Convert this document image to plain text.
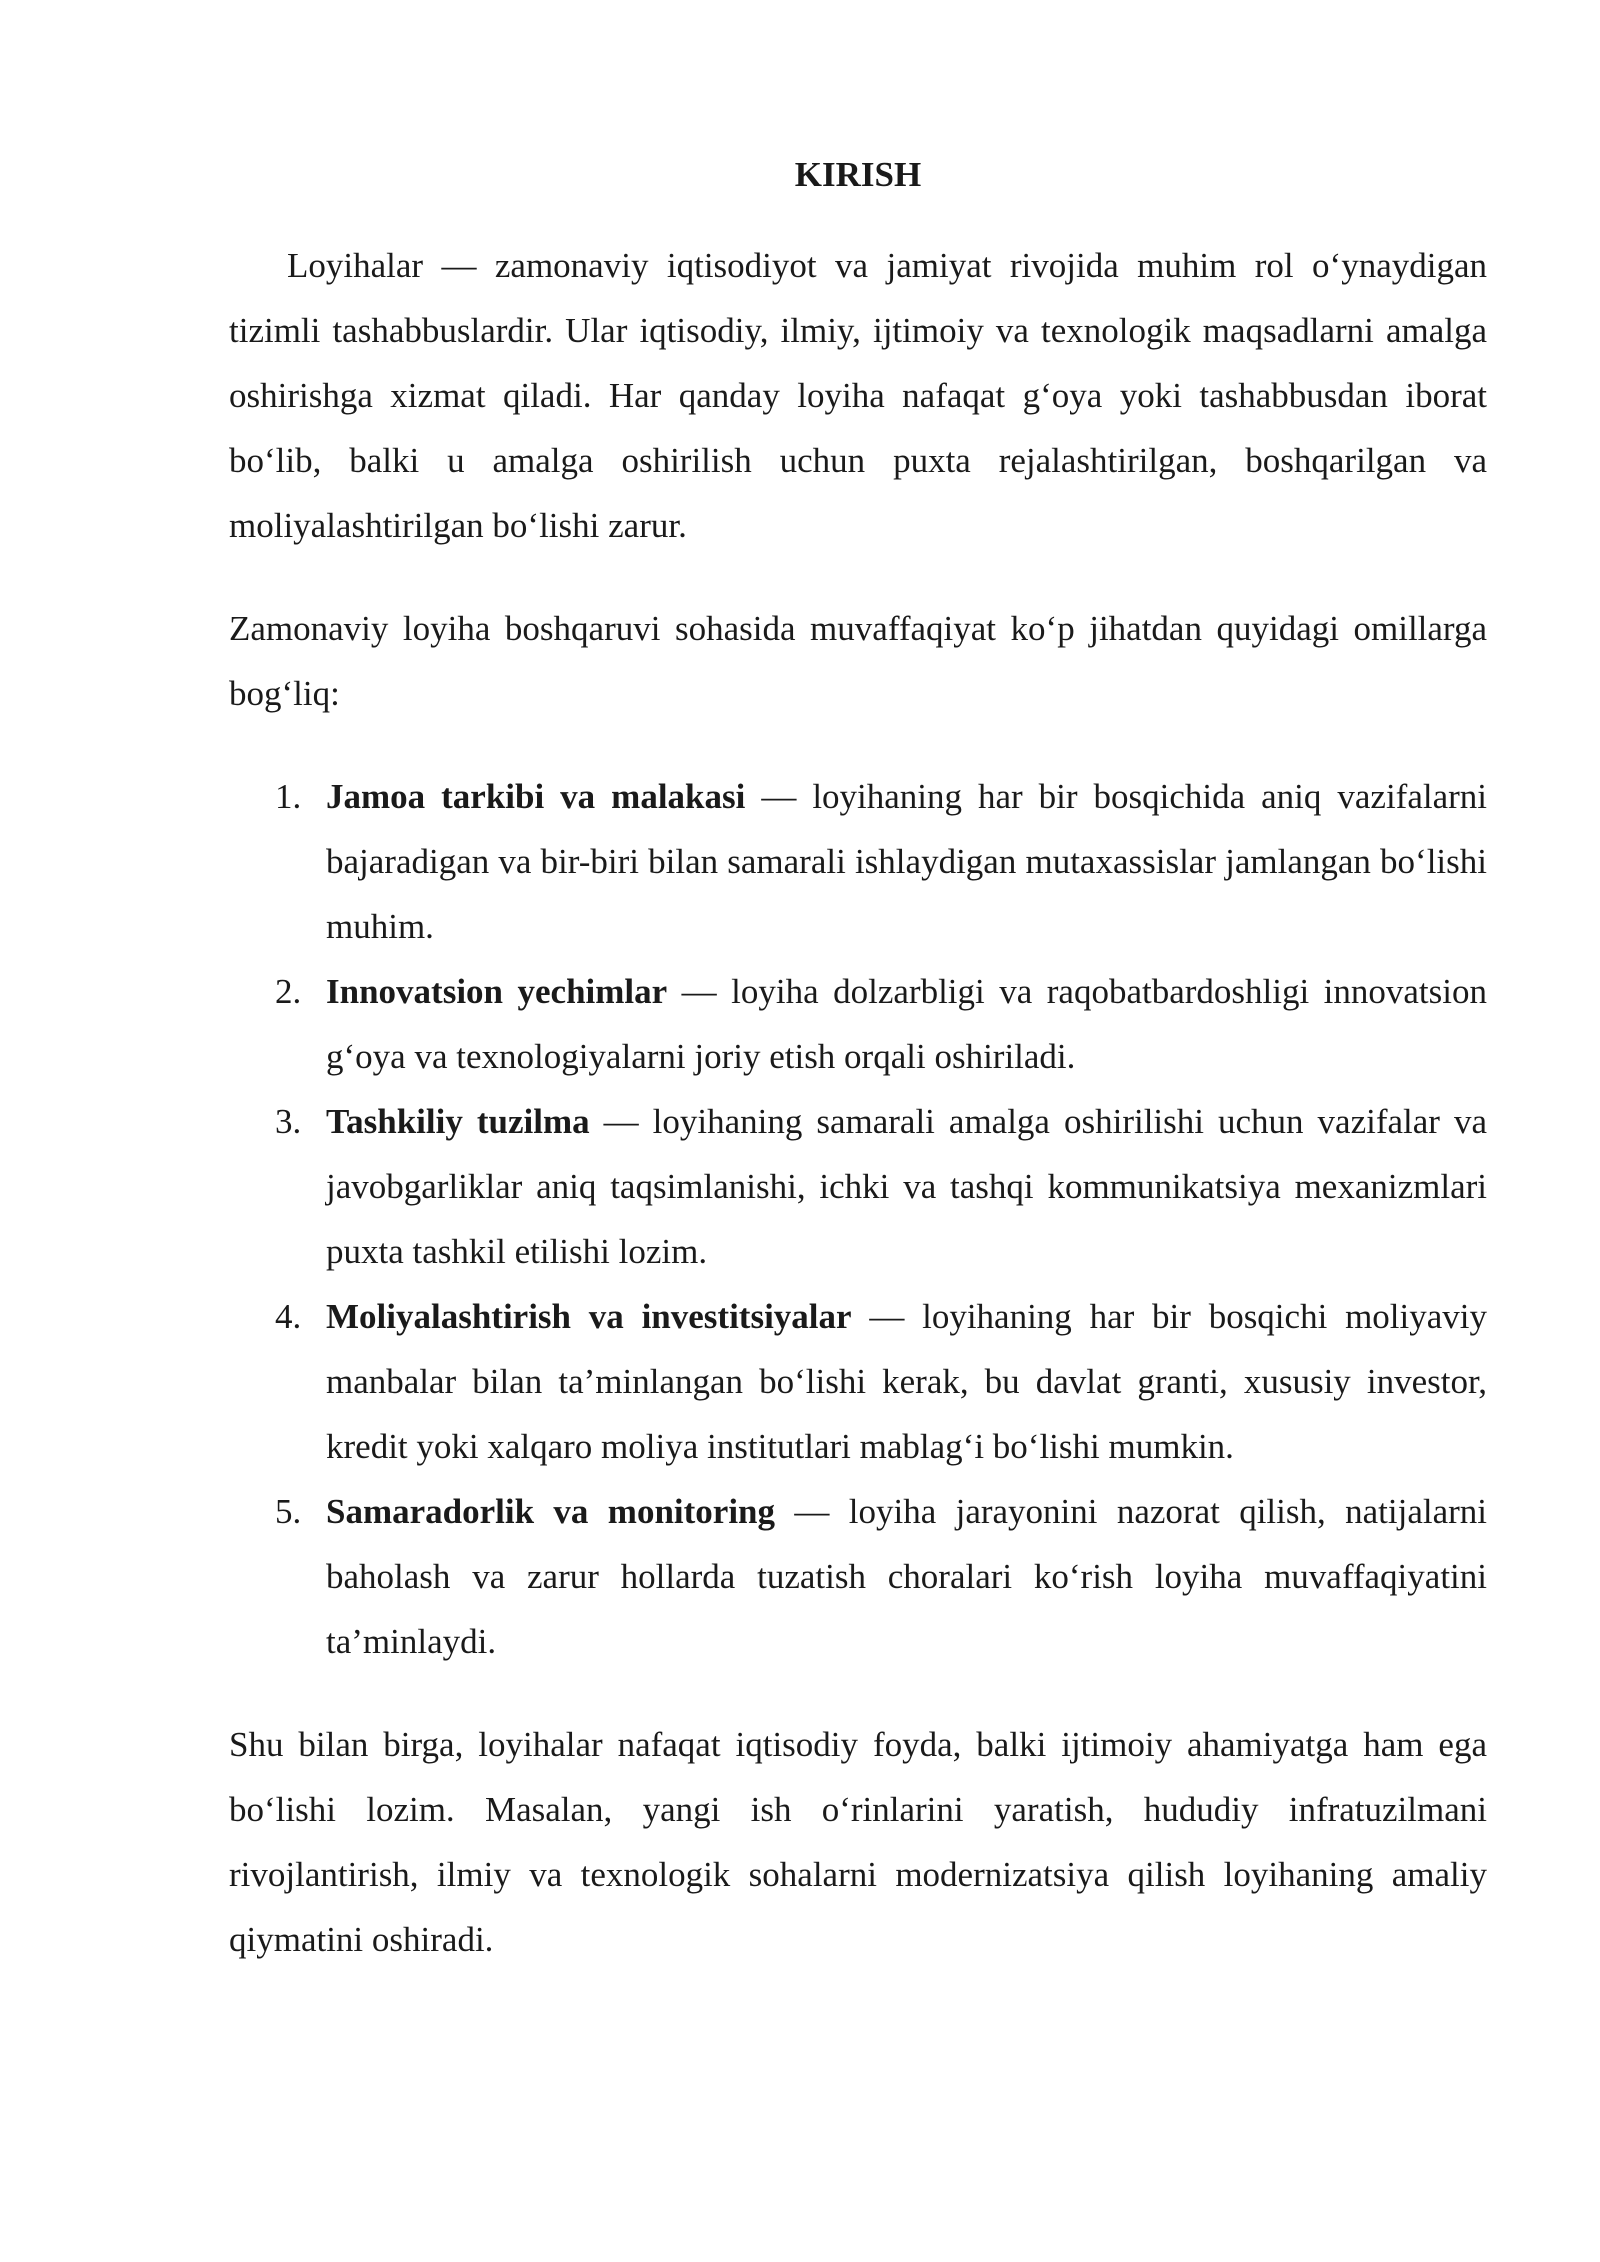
KIRISH

Loyihalar — zamonaviy iqtisodiyot va jamiyat rivojida muhim rol o‘ynaydigan tizimli tashabbuslardir. Ular iqtisodiy, ilmiy, ijtimoiy va texnologik maqsadlarni amalga oshirishga xizmat qiladi. Har qanday loyiha nafaqat g‘oya yoki tashabbusdan iborat bo‘lib, balki u amalga oshirilish uchun puxta rejalashtirilgan, boshqarilgan va moliyalashtirilgan bo‘lishi zarur.

Zamonaviy loyiha boshqaruvi sohasida muvaffaqiyat ko‘p jihatdan quyidagi omillarga bog‘liq:

1. Jamoa tarkibi va malakasi — loyihaning har bir bosqichida aniq vazifalarni bajaradigan va bir-biri bilan samarali ishlaydigan mutaxassislar jamlangan bo‘lishi muhim.
2. Innovatsion yechimlar — loyiha dolzarbligi va raqobatbardoshligi innovatsion g‘oya va texnologiyalarni joriy etish orqali oshiriladi.
3. Tashkiliy tuzilma — loyihaning samarali amalga oshirilishi uchun vazifalar va javobgarliklar aniq taqsimlanishi, ichki va tashqi kommunikatsiya mexanizmlari puxta tashkil etilishi lozim.
4. Moliyalashtirish va investitsiyalar — loyihaning har bir bosqichi moliyaviy manbalar bilan ta’minlangan bo‘lishi kerak, bu davlat granti, xususiy investor, kredit yoki xalqaro moliya institutlari mablag‘i bo‘lishi mumkin.
5. Samaradorlik va monitoring — loyiha jarayonini nazorat qilish, natijalarni baholash va zarur hollarda tuzatish choralari ko‘rish loyiha muvaffaqiyatini ta’minlaydi.

Shu bilan birga, loyihalar nafaqat iqtisodiy foyda, balki ijtimoiy ahamiyatga ham ega bo‘lishi lozim. Masalan, yangi ish o‘rinlarini yaratish, hududiy infratuzilmani rivojlantirish, ilmiy va texnologik sohalarni modernizatsiya qilish loyihaning amaliy qiymatini oshiradi.
